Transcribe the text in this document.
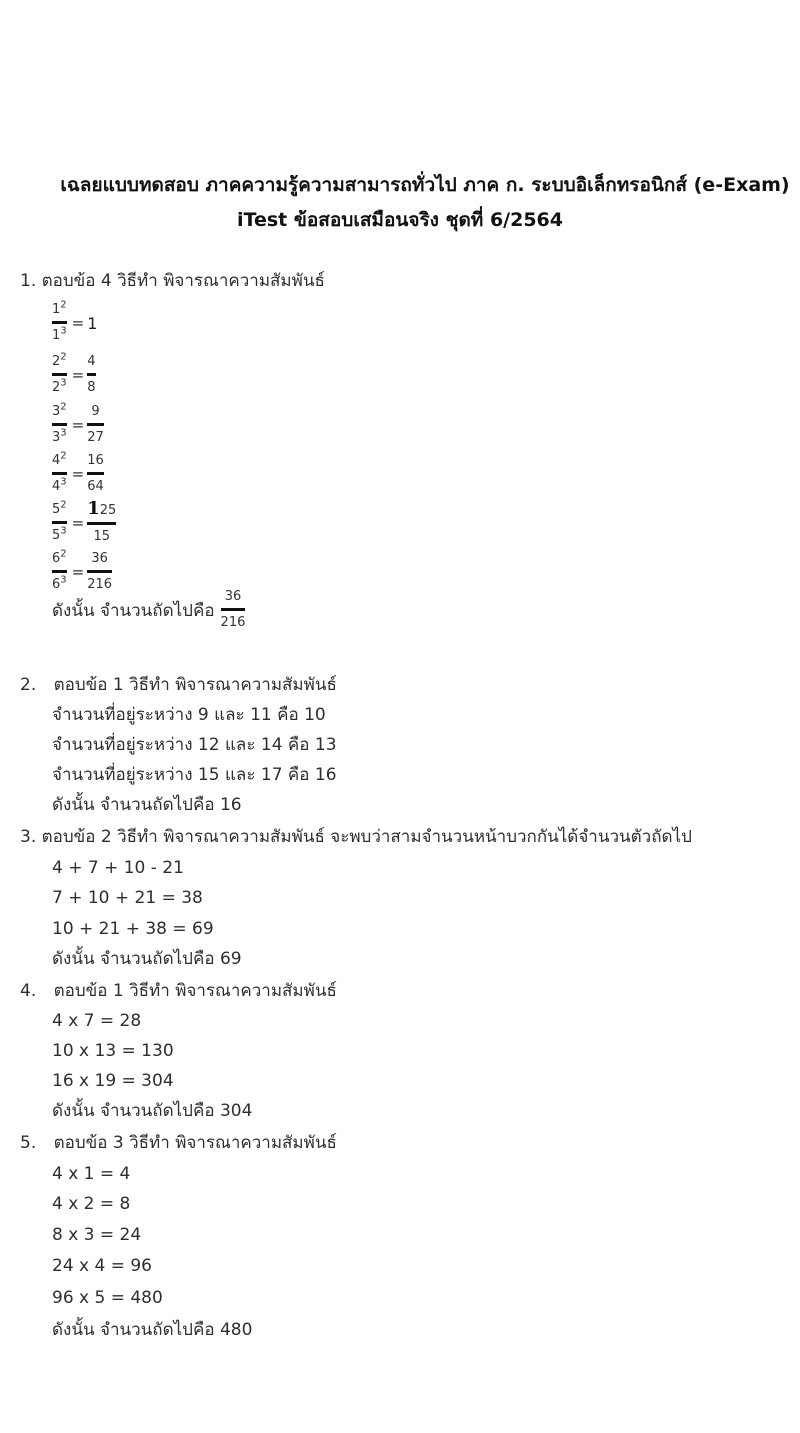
เฉลยแบบทดสอบ ภาคความรู้ความสามารถทั่วไป ภาค ก. ระบบอิเล็กทรอนิกส์ (e-Exam)
iTest ข้อสอบเสมือนจริง ชุดที่ 6/2564
1. ตอบข้อ 4 วิธีทำ พิจารณาความสัมพันธ์
$\frac{1^2}{1^3} = 1$
$\frac{2^2}{2^3} = \frac{4}{8}$
$\frac{3^2}{3^3} = \frac{9}{27}$
$\frac{4^2}{4^3} = \frac{16}{64}$
$\frac{5^2}{5^3} = \frac{125}{15}$
$\frac{6^2}{6^3} = \frac{36}{216}$
ดังนั้น จำนวนถัดไปคือ $\frac{36}{216}$
2. ตอบข้อ 1 วิธีทำ พิจารณาความสัมพันธ์
จำนวนที่อยู่ระหว่าง 9 และ 11 คือ 10
จำนวนที่อยู่ระหว่าง 12 และ 14 คือ 13
จำนวนที่อยู่ระหว่าง 15 และ 17 คือ 16
ดังนั้น จำนวนถัดไปคือ 16
3. ตอบข้อ 2 วิธีทำ พิจารณาความสัมพันธ์ จะพบว่าสามจำนวนหน้าบวกกันได้จำนวนตัวถัดไป
4 + 7 + 10 - 21
7 + 10 + 21 = 38
10 + 21 + 38 = 69
ดังนั้น จำนวนถัดไปคือ 69
4. ตอบข้อ 1 วิธีทำ พิจารณาความสัมพันธ์
4 x 7 = 28
10 x 13 = 130
16 x 19 = 304
ดังนั้น จำนวนถัดไปคือ 304
5. ตอบข้อ 3 วิธีทำ พิจารณาความสัมพันธ์
4 x 1 = 4
4 x 2 = 8
8 x 3 = 24
24 x 4 = 96
96 x 5 = 480
ดังนั้น จำนวนถัดไปคือ 480
